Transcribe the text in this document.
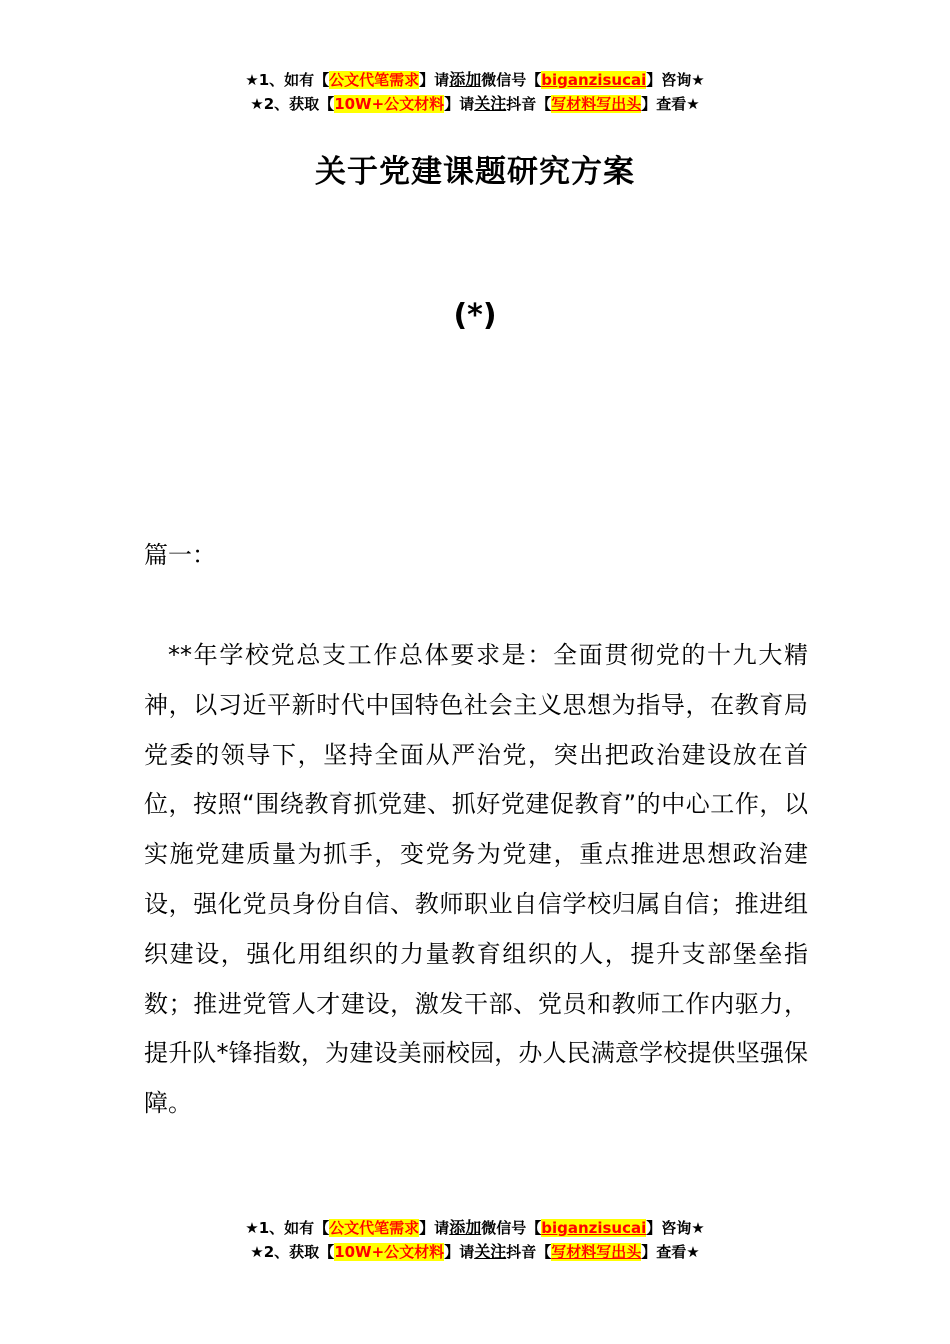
★1、如有【公文代笔需求】请添加微信号【biganzisucai】咨询★
★2、获取【10W+公文材料】请关注抖音【写材料写出头】查看★
关于党建课题研究方案
(*)
篇一：
**年学校党总支工作总体要求是：全面贯彻党的十九大精神，以习近平新时代中国特色社会主义思想为指导，在教育局党委的领导下，坚持全面从严治党，突出把政治建设放在首位，按照“围绕教育抓党建、抓好党建促教育”的中心工作，以实施党建质量为抓手，变党务为党建，重点推进思想政治建设，强化党员身份自信、教师职业自信学校归属自信；推进组织建设，强化用组织的力量教育组织的人，提升支部堡垒指数；推进党管人才建设，激发干部、党员和教师工作内驱力，提升队*锋指数，为建设美丽校园，办人民满意学校提供坚强保障。
★1、如有【公文代笔需求】请添加微信号【biganzisucai】咨询★
★2、获取【10W+公文材料】请关注抖音【写材料写出头】查看★
